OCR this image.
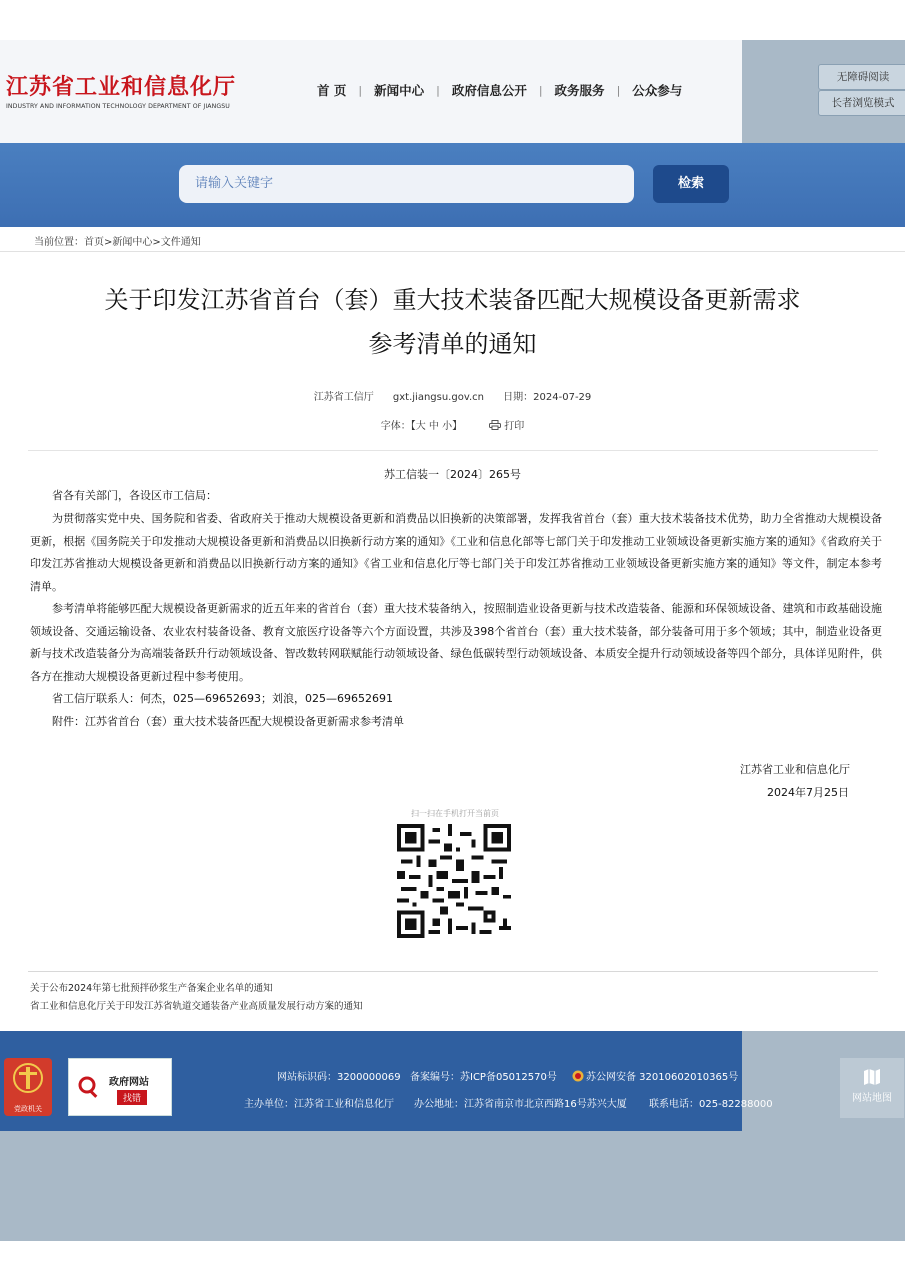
江苏省工业和信息化厅
INDUSTRY AND INFORMATION TECHNOLOGY DEPARTMENT OF JIANGSU
首 页	| 新闻中心	| 政府信息公开	| 政务服务	| 公众参与
无障碍阅读
长者浏览模式
请输入关键字	检索
当前位置：首页>新闻中心>文件通知
关于印发江苏省首台（套）重大技术装备匹配大规模设备更新需求
参考清单的通知
江苏省工信厅 gxt.jiangsu.gov.cn 日期：2024-07-29
字体：【大 中 小】	打印
苏工信装一〔2024〕265号
省各有关部门，各设区市工信局：
为贯彻落实党中央、国务院和省委、省政府关于推动大规模设备更新和消费品以旧换新的决策部署，发挥我省首台（套）重大技术装备技术优势，助力全省推动大规模设备更新，根据《国务院关于印发推动大规模设备更新和消费品以旧换新行动方案的通知》《工业和信息化部等七部门关于印发推动工业领域设备更新实施方案的通知》《省政府关于印发江苏省推动大规模设备更新和消费品以旧换新行动方案的通知》《省工业和信息化厅等七部门关于印发江苏省推动工业领域设备更新实施方案的通知》等文件，制定本参考清单。
参考清单将能够匹配大规模设备更新需求的近五年来的省首台（套）重大技术装备纳入，按照制造业设备更新与技术改造装备、能源和环保领域设备、建筑和市政基础设施领域设备、交通运输设备、农业农村装备设备、教育文旅医疗设备等六个方面设置，共涉及398个省首台（套）重大技术装备，部分装备可用于多个领域；其中，制造业设备更新与技术改造装备分为高端装备跃升行动领域设备、智改数转网联赋能行动领域设备、绿色低碳转型行动领域设备、本质安全提升行动领域设备等四个部分，具体详见附件，供各方在推动大规模设备更新过程中参考使用。
省工信厅联系人：何杰，025—69652693；刘浪，025—69652691
附件：江苏省首台（套）重大技术装备匹配大规模设备更新需求参考清单
江苏省工业和信息化厅
2024年7月25日
扫一扫在手机打开当前页
关于公布2024年第七批预拌砂浆生产备案企业名单的通知
省工业和信息化厅关于印发江苏省轨道交通装备产业高质量发展行动方案的通知
党政机关
政府网站
找错
网站标识码：3200000069 备案编号：苏ICP备05012570号	苏公网安备 32010602010365号
主办单位：江苏省工业和信息化厅 办公地址：江苏省南京市北京西路16号苏兴大厦 联系电话：025-82288000
网站地图
